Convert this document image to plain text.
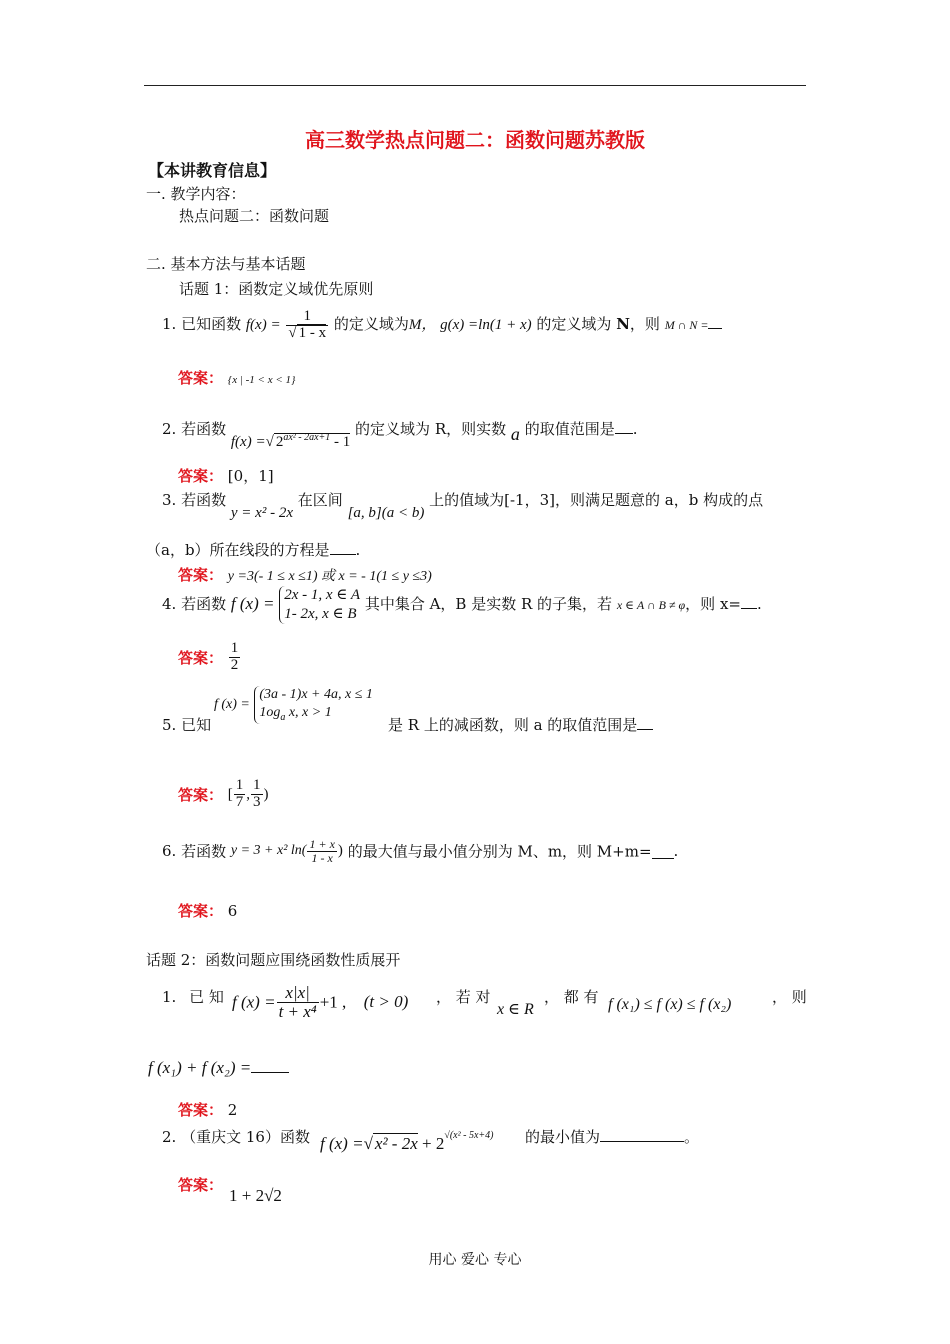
高三数学热点问题二：函数问题苏教版
【本讲教育信息】
一. 教学内容：
热点问题二：函数问题
二. 基本方法与基本话题
话题 1：函数定义域优先原则
1. 已知函数 $f(x) = \frac{1}{√ 1 - x}$ 的定义域为M， g(x) =ln(1 + x) 的定义域为 N，则 M ∩ N =
答案： {x | -1 < x < 1}
2. 若函数 f(x) =√ $2^{ax^2 - 2ax+1} - 1$ 的定义域为 R，则实数 a 的取值范围是 .
答案： [0，1]
3. 若函数 y = x² - 2x 在区间 [a, b](a < b) 上的值域为[-1，3]，则满足题意的 a，b 构成的点
（a，b）所在线段的方程是 .
答案： y =3(- 1 ≤ x ≤1) 或 x = - 1(1 ≤ y ≤3)
4. 若函数 f (x) = 2x - 1, x ∈ A
1- 2x, x ∈ B
其中集合 A，B 是实数 R 的子集，若 x ∈ A ∩ B ≠ φ，则 x= .
答案： $\frac{1}{2}$
5. 已知
f (x) =
(3a - 1)x + 4a, x ≤ 1
$1og_a$ x, x > 1
是 R 上的减函数，则 a 的取值范围是
答案： [ $\frac{1}{7}$ , $\frac{1}{3}$ )
6. 若函数 y = 3 + x² $\ln( \frac{1 + x}{1 - x}$ ) 的最大值与最小值分别为 M、m，则 M+m= .
答案： 6
话题 2：函数问题应围绕函数性质展开
1. 已 知 f $(x) = \frac{x|x|}{\text{t + x⁴}} +1$ , (t > 0) ， 若 对
x ∈ R
， 都 有 f (x₁) ≤ f (x) ≤ f (x₂)	， 则
f (x₁) + f (x₂) =
答案： 2
2. （重庆文 16）函数 f (x) =√ $x^2 - 2x + 2^{√(x^2 - 5x+4)}$ 的最小值为	。
答案：
1 + 2√2
用心 爱心 专心
